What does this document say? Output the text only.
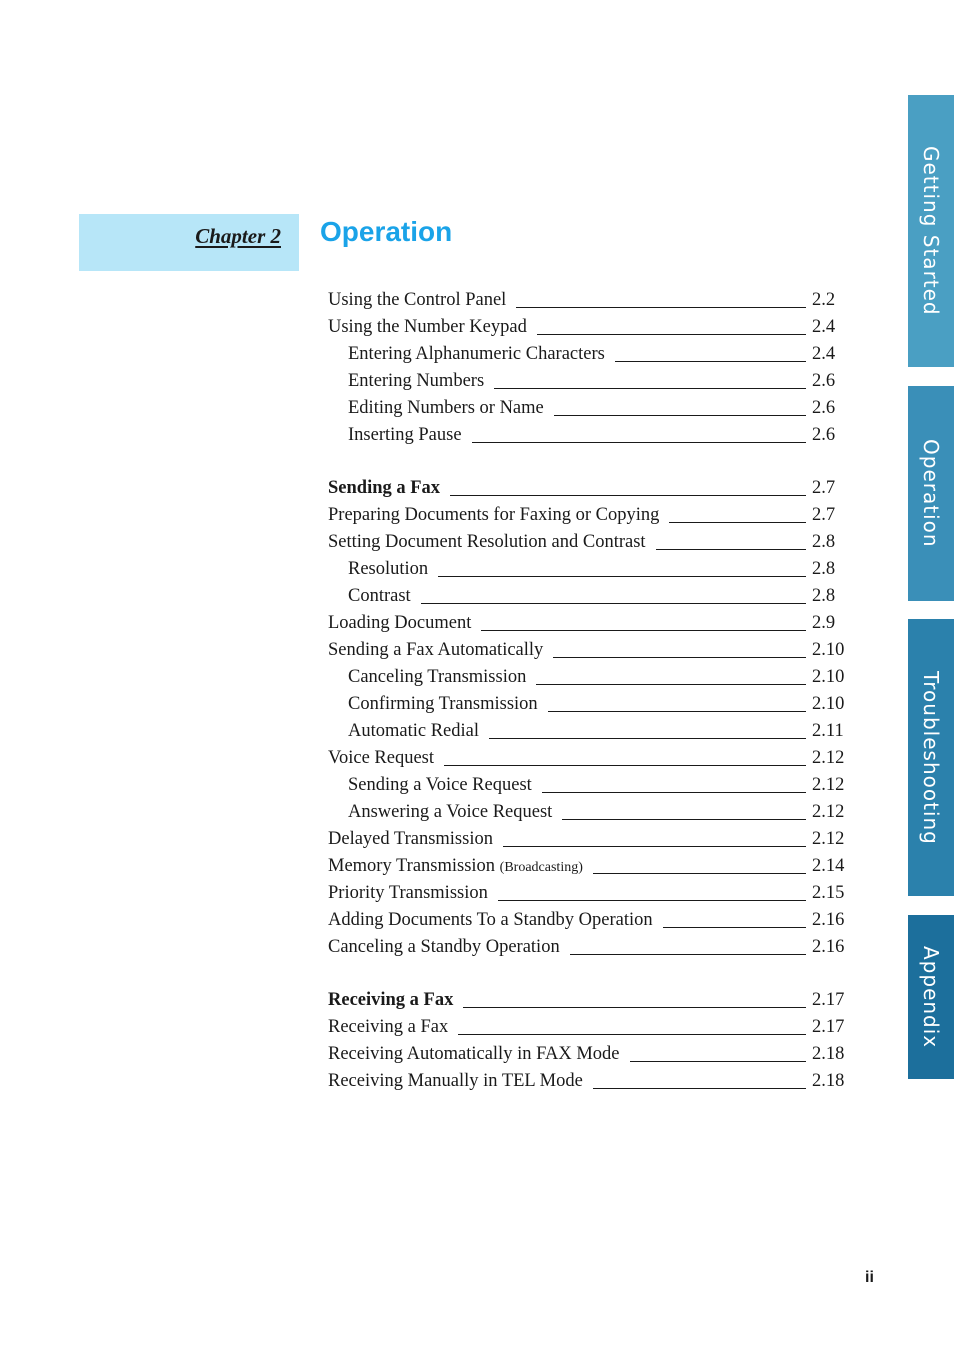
Chapter 2 Operation
Using the Control Panel	2.2
Using the Number Keypad	2.4
Entering Alphanumeric Characters	2.4
Entering Numbers	2.6
Editing Numbers or Name	2.6
Inserting Pause	2.6
Sending a Fax	2.7
Preparing Documents for Faxing or Copying	2.7
Setting Document Resolution and Contrast	2.8
Resolution	2.8
Contrast	2.8
Loading Document	2.9
Sending a Fax Automatically	2.10
Canceling Transmission	2.10
Confirming Transmission	2.10
Automatic Redial	2.11
Voice Request	2.12
Sending a Voice Request	2.12
Answering a Voice Request	2.12
Delayed Transmission	2.12
Memory Transmission (Broadcasting)	2.14
Priority Transmission	2.15
Adding Documents To a Standby Operation	2.16
Canceling a Standby Operation	2.16
Receiving a Fax	2.17
Receiving a Fax	2.17
Receiving Automatically in FAX Mode	2.18
Receiving Manually in TEL Mode	2.18
Getting Started
Operation
Troubleshooting
Appendix
ii
